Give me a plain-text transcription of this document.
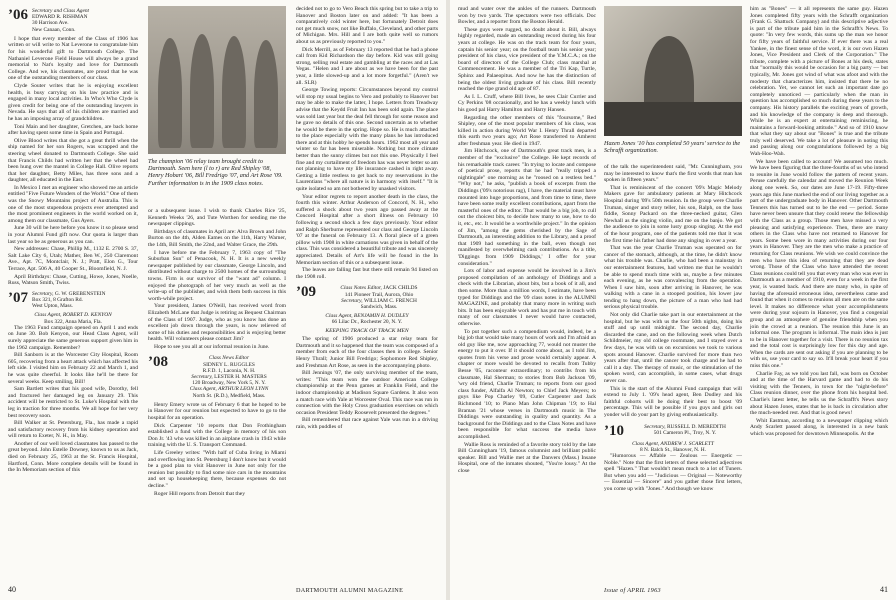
’06 Secretary and Class Agent
EDWARD R. RISHMAN
30 Harrison Ave.
New Canaan, Conn.

I hope that every member of the Class of 1906 has written or will write to Nat Leverone to congratulate him for his wonderful gift to Dartmouth College. The Nathaniel Leverone Field House will always be a grand memorial to Nat's loyalty and love for Dartmouth College. And we, his classmates, are proud that he was one of the outstanding members of our class.

Clyde Souter writes that he is enjoying excellent health, is busy carrying on his law practice and is engaged in many local activities. In Who's Who Clyde is given credit for being one of the outstanding lawyers in Nevada. He says that all of his children are married and he has an imposing array of grandchildren.

Toni Main and her daughter, Gretchen, are back home after having spent some time in Spain and Portugal.

Olive Blood writes that she got a great thrill when the ship named for her son Rogers, was scrapped and the steering wheel donated to Dartmouth College. She said that Francis Childs had written her that the wheel had been hung over the mantel in College Hall. Olive reports that her daughter, Betty Miles, has three sons and a daughter, all educated in the East.

In Mexico I met an engineer who showed me an article entitled "Five Future Wonders of the World." One of them was the Snowy Mountains project of Australia. This is one of the most stupendous projects ever attempted and the most prominent engineers in the world worked on it, among them our classmate, Gus Ayers.

June 30 will be here before you know it so please send in your Alumni Fund gift now. Our quota is larger than last year so be as generous as you can.

New addresses: Chase, Phillip M., 1132 E. 2700 S. 37, Salt Lake City 6, Utah; Mather, Ben W., 250 Claremont Ave., Apt. 7C, Montclair, N. J.; Pratt, Elon G., Tour Terrace, Apt. 506 A, 40 Cooper St., Bloomfield, N. J.

April Birthdays: Chase, Cutting, Howe, Jones, Noelle, Russ, Watson Smith, Twiss.

’07 Secretary, G. W. GREBENSTEIN
Box 321, 8 Grafton Rd.
West Upton, Mass.
Class Agent, ROBERT D. KENYON
Box 322, Anna Maria, Fla.

The 1963 Fund campaign opened on April 1 and ends on June 30. Bob Kenyon, our Head Class Agent, will surely appreciate the same generous support given him in the 1962 campaign. Remember?

Bill Sanborn is at the Worcester City Hospital, Room 605, recovering from a heart attack which has affected his left side. I visited him on February 22 and March 1, and he was quite cheerful. It looks like he'll be there for several weeks. Keep smiling, Bill!

Sam Bartlett writes that his good wife, Dorothy, fell and fractured her damaged leg on January 29. This accident will be restricted to St. Luke's Hospital with the leg in traction for three months. We all hope for her very best recovery soon.

Bill Walker at St. Petersburg, Fla., has made a rapid and satisfactory recovery from his kidney operation and will return to Exeter, N. H., in May.

Another of our well loved classmates has passed to the great beyond. John Estelle Downey, known to us as Jack, died on February 25, 1963 at the St. Francis Hospital, Hartford, Conn. More complete details will be found in the In Memoriam section of this

The champion '06 relay team brought credit to Dartmouth. Seen here (l to r) are Red Shipley '08, Henry Hobart '06, Bill Fredrigo '07, and Art Rose '09. Further information is in the 1909 class notes.

or a subsequent issue. I wish to thank Charles Rice '25, Kenneth Weeks '26, and Tute Worthen for sending me the newspaper clippings.

Birthdays of classmates in April are: Alva Brown and John Burton on the 4th, Alden Eames on the 11th, Harry Warner, the 14th, Bill Smith, the 22nd, and Walter Grace, the 29th.

I have before me the February 7, 1963 copy of "The Suburban Sun" of Penacook, N. H. It is a new weekly newspaper published by our classmate, George Lincoln, and distributed without charge to 2500 homes of the surrounding towns. Firm is our survivor of the "want ad" column. I enjoyed the photograph of her very much as well as the write-up of the publisher, and wish them both success in this worth-while project.

Your president, James O'Neill, has received word from Elizabeth McLane that Judge is retiring as Bequest Chairman of the Class of 1907. Judge, who as you know has done an excellent job down through the years, is now relieved of some of his duties and responsibilities and is enjoying better health. Will volunteers please contact Jim?

Hope to see you all at our informal reunion in June.

’08	Class News Editor
SIDNEY L. RUGGLES
R.F.D. 1, Laconia, N. H.
Secretary, LESTER H. MASTERS
120 Broadway, New York 5, N. Y.
Class Agent, ARTHUR LEON LYNN
North St. (R.D.), Medfield, Mass.

Henry Emery wrote us of February 6 that he hoped to be in Hanover for our reunion but expected to have to go to the hospital for an operation.

Dick Carpenter '10 reports that Don Frothingham established a fund with the College in memory of his son Don Jr. '43 who was killed in an airplane crash in 1943 while training with the U. S. Transport Command.

Life Greeley writes: "With half of Cuba living in Miami and overflowing into St. Petersburg I don't know but it would be a good plan to visit Hanover in June not only for the reunion but possibly to find some nice cars in the mountains and set up housekeeping there, because expenses do not decline."

Roger Hill reports from Detroit that they

decided not to go to Vero Beach this spring but to take a trip to Hanover and Boston later on and added: "It has been a comparatively cold winter here, but fortunately Detroit does not get much snow, not like Buffalo, Cleveland, and other parts of Michigan. Mrs. Hill and I are both quite well so rumors about us as previously reported to you."

Dick Merrill, as of February 13 reported that he had a phone call from Kid Richardson the day before. Kid was still going strong, selling real estate and gambling at the races and at Las Vegas. "Helen and I are about as we have been for the past year, a little slowed-up and a lot more forgetful." (Aren't we all. SLR)

George Towing reports: Circumstances beyond my control will stop my usual begins to Vero and probably to Hanover but may be able to make the latter, I hope. Letters from Treadway advise that the Keydd Fruit Inn has been sold again. The place was sold last year but the deal fell through for some reason and he gave no details of this one. Second uncertain as to whether he would be there in the spring. Hope so. He is much attached to the place especially with the many plans he has introduced there and at this hobby he spends hours. 1962 most all year and winter so far has been miserable. Nothing but more climate better than the sunny climes but not this one. Physically I feel fine and my curtailment of freedom has was never better so am not planning to have my life insurance cashed in right away. Getting a little restless to get back to my reservations in the Laurentians "where all nature is in harmony with itself." "It is quite isolated so am not bothered by unasked visitors.

Your editor regrets to report another death in the class, the fourth this winter. Arthur Anderson of Concord, N. H., who suffered a shock about two years ago passed away at the Concord Hospital after a short illness on February 10 following a second shock a few days previously. Your editor and Ralph Sherburne represented our class and George Lincoln '07 at the funeral on February 13. A floral piece of a green pillow with 1908 in white carnations was given in behalf of the class. This was considered a beautiful tribute and was sincerely appreciated. Details of Art's life will be found in the In Memoriam section of this or a subsequent issue.

The leaves are falling fast but there still remain 94 listed on the 1908 roll.

’09	Class Notes Editor, JACK CHILDS
141 Pioneer Trail, Aurora, Ohio
Secretary, WILLIAM C. FRENCH
Sandwich, Mass.
Class Agent, BENJAMIN H. DUDLEY
66 Lilac Dr., Rochester 20, N. Y.
KEEPING TRACK OF TRACK MEN

The spring of 1906 produced a star relay team for Dartmouth and it so happened that the team was composed of a member from each of the four classes then in college. Senior Henry Thrall; Junior Bill Fredrigo; Sophomore Red Shipley, and Freshman Art Rose, as seen in the accompanying photo.

Bill Jennings '07, the only surviving member of the team, writes: "This team won the outdoor American College championship at the Penn games at Franklin Field, and the indoor championship at Madison Square Gardens. It also won a match race with Yale at Worcester Oval. This race was run in connection with the Holy Cross graduation exercises on which occasion President Teddy Roosevelt presented the degrees."

Bill remembered that race against Yale was run in a driving rain, with puddles of

40	DARTMOUTH ALUMNI MAGAZINE

mud and water over the ankles of the runners. Dartmouth won by two yards. The spectators were two officials. Doc Bowler, and a reporter from the Boston Herald.

These guys were rugged, no doubt about it. Bill, always highly regarded, made an outstanding record during his four years at college. He was on the track team for four years, captain his senior year; on the football team his senior year; president of his class, vice president of the Y.M.C.A.; on the board of directors of the College Club; class marshal at Commencement. He was a member of the Tri Kap, Turtle, Sphinx and Palaeopitus. And now he has the distinction of being the oldest living graduate of his class. Bill recently reached the ripe grand old age of 87.

As I. L. Cruff, where Bill lives, he sees Clair Currier and Cy Perkins '08 occasionally, and he has a weekly lunch with his good pal Harry Hamilton and Harry Hansen.

Regarding the other members of this "foursome," Red Shipley, one of the most popular members of his class, was killed in action during World War I. Henry Thrall departed this earth two years ago; Art Rose transferred to Amherst after freshman year. He died in 1947.

Jim Hitchcock, one of Dartmouth's great track men, is a member of the "exclusive" the College. He kept records of his remarkable track career. "In trying to locate and compose of poetical prose, reports that he had "really tripped a nightingale" one morning as he "roosed on a restless bed." "Why not," he asks, "publish a book of excerpts from the Diddings ('09's notorious rag), I have, the material must have mounted into huge proportions, and from time to time, there have been some really excellent contributions, apart from the masterful ones of the editor. That would be a big job, to cull out the choicest bits, to decide how many to use, how to do it, etc., etc. It would be a worthwhile project." In the opinion of Jim, "among the gems cherished by the Sage of Dartmouth, an interesting addition to the Library, and a proof that 1909 had something in the ball, even though not manifested by overwhelming cash contributions. As a title, 'Diggings from 1909 Diddings,' I offer for your consideration."

Lots of labor and expense would be involved in a Jim's proposed compilation of an anthology of Diddings and a check with the Librarian, about bits, but a book of it all, and then some. More than a million words, I estimate, have been typed for Diddings and the '09 class notes in the ALUMNI MAGAZINE, and probably that many more in writing such bits. It has been enjoyable work and has put me in touch with many of our classmates I never would have contacted, otherwise.

To put together such a compendium would, indeed, be a big job that would take many hours of work and I'm afraid an old guy like me, now approaching 77, would not muster the energy to put it over. If it should come about, as I told Jim, quotes from his verse and prose would certainly appear. A chapter or more would be devoted to recalls from Tubby Besse '05, raconteur extraordinary; to contribs from his classmate, Hal Sherman; to stories from Bob Jackson '09, 'wry old friend, Charlie Truman; to reports from our good class funder, Alfalfa Al Newton; to Chief Jack Meyers; to guys like Pop Charley '09, Cutler Carpenter and Jack Richmond '10; to Piano Man John Chipman '19; to Hal Braman '21 whose verses in Dartmouth music in The Diddings were outstanding in quality and quantity. As a background for the Diddings and to the Class Notes and have been responsible for what success the media have accomplished.

Wallie Ross is reminded of a favorite story told by the late Bill Cunningham '19, famous columnist and brilliant public speaker. Bill and Wallie met at the Danvers (Mass.) Insane Hospital, one of the inmates shouted, "You're lousy." At the close

Hazen Jones '10 has completed 50 years' service to the Schrafft organization.

of the talk the superintendent said, "Mr. Cunningham, you may be interested to know that's the first words that man has spoken in fifteen years."

That is reminiscent of the concert '09's Magic Melody Makers gave for ambulatory patients at Mary Hitchcock Hospital during '09's 50th reunion. In the group were Charlie Truman, singer and story teller, his son, Ralph, on the bass fiddle, Sonny Packard on the three-necked guitar, Glen Newhall as the singing violin, and me on the banjo. We got the audience to join in some lusty group singing. At the end of the hour program, one of the patients told me that it was the first time his father had done any singing in over a year.

That was the year Charlie Truman was operated on for cancer of the stomach, although, at the time, he didn't know what his trouble was. Charlie, who had been a mainstay in our entertainment features, had written me that he wouldn't be able to spend much time with us, maybe a few minutes each evening, as he was convalescing from the operation. When I saw him, soon after arriving in Hanover, he was walking with a cane in a stooped position, his lower jaw tending to hang down, the picture of a man who had had serious physical trouble.

Not only did Charlie take part in our entertainment at the hospital, but he was with us the four 50th nights, doing his stuff and up until midnight. The second day, Charlie discarded the cane, and on the following week when Dutch Schildmeier, my old college roommate, and I stayed over a few days, he was with us on excursions we took to various spots around Hanover. Charlie survived for more than two years after that, until the cancer took charge and he had to call it a day. The therapy of music, or the stimulation of the spoken word, can accomplish, in some cases, what drugs never can.

This is the start of the Alumni Fund campaign that will extend to July 1. '09's head agent, Ben Dudley and his faithful cohorts will be doing their best to boost '09 percentage. This will be possible if you guys and girls out yonder will do your part by giving enthusiastically.

’10	Secretary, RUSSELL D. MEREDITH
501 Cameron Pl., Troy, N. Y.
Class Agent, ANDREW J. SCARLETT
8 N. Balch St., Hanover, N. H.

"Humorous — Affable — Zealous — Energetic — Noble." Note that the first letters of these selected adjectives spell "Hazen." That wouldn't mean much to a lot of Tuners. But when you add — "Judicious — Original — Noteworthy — Essential — Sincere" and you gather those first letters, you come up with "Jones." And though we know

him as "Bones" — it all represents the same guy. Hazen Jones completed fifty years with the Schrafft organization (Frank G. Shattuck Company) and this descriptive adjective is part of the tribute paid him in the Schrafft's News. To quote: "In very few words, this sums up the man we honor for fifty years of faithful service. If ever there was a real Yankee, in the finest sense of the word, it is our own Hazen Jones, Vice President and Clerk of the Corporation." The tribute, complete with a picture of Bones at his desk, states that "normally this would be occasion for a big party — but typically, Mr. Jones got wind of what was afoot and with the modesty that characterizes him, insisted that there be no celebration. Yet, we cannot let such an important date go completely unnoticed — particularly when the man in question has accomplished so much during these years to the company. His history parallels the exciting years of growth, and his knowledge of the company is deep and thorough. While he is an expert at entertaining reminiscing, he maintains a forward-looking attitude." And so of 1910 know that what they say about our "Bones" is true and the tribute truly well deserved. We take a lot of pleasure in noting this and passing along our congratulations followed by a big Wah-Hoo-Wah.

We have been called to account! We assumed too much. We have been figuring that the three-fourths of us who intend to reunite in June would follow the pattern of recent years. Peruse carefully the calendar and moved the Reunion Week along one week. So, our dates are June 17-19. Fifty-three years ago this June marked the end of our living together as a part of the undergraduate body in Hanover. Other Dartmouth Tenners this has turned out to be the end — period. Some have never been unsure that they could renew the fellowship with the Class as a group. Those men have missed a very pleasing and satisfying experience. Then, there are many others in the Class who have not returned to Hanover for years. Some been wore in many activities during our four years in Hanover. They are the men who make a practice of returning for Class reunions. We wish we could convince the men who have this idea of returning that they are dead wrong. Those of the Class who have attended the recent Class reunions could tell you that every man who was ever in Dartmouth as a member of 1910, even for a week in the first year, is wanted back. And there are many who, in spite of having the aforesaid erroneous idea, nevertheless came and found that when it comes to reunions all men are on the same level. It makes no difference what your accomplishments were during your sojourn in Hanover, you find a congenial group and an atmosphere of genuine friendship when you join the crowd at a reunion. The reunion this June is an informal one. The program is informal. The main idea is just to be in Hanover together for a visit. There is no reunion tax and the total cost is surprisingly low for this day and age. When the cards are sent out asking if you are planning to be with us, use your card to say so. It'll break your heart if you miss this one."

Charlie Fay, as we told you last fall, was born on October and at the time of the Harvard game and had to do his visiting with the Tenners, in town for the "night-before" Class reunion dinner, over the phone from his hospital bed. Charlie's latest letter, he tells us the Schrafft's News story about Hazen Jones, states that he is back in circulation after the much-needed rest. And that is good news!

Whit Eastman, according to a newspaper clipping which Andy Scarlett passed along, is interested in a new bank which was proposed for downtown Minneapolis. At the

Issue of APRIL 1963	41
